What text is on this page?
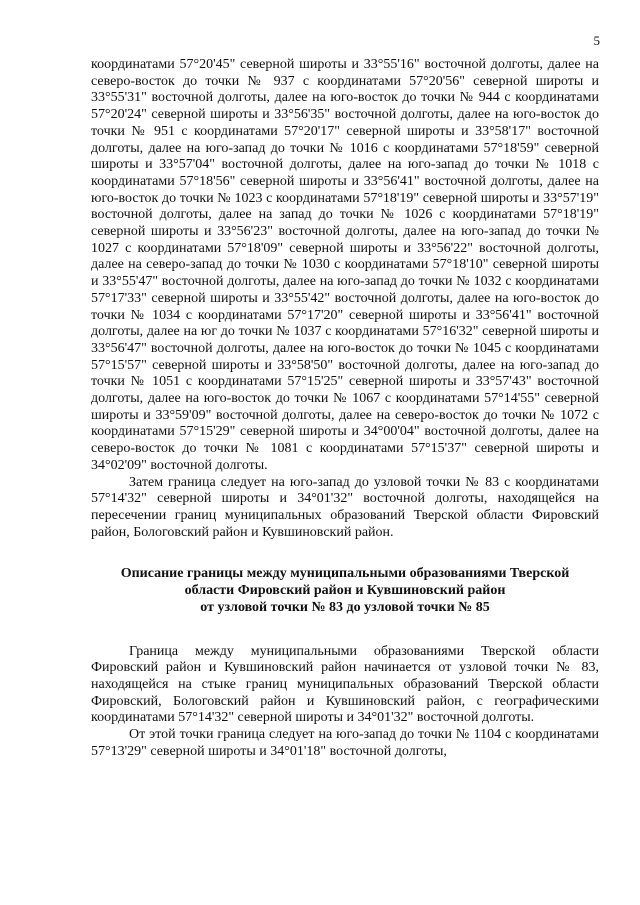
5

координатами 57°20'45" северной широты и 33°55'16" восточной долготы, далее на северо-восток до точки № 937 с координатами 57°20'56" северной широты и 33°55'31" восточной долготы, далее на юго-восток до точки № 944 с координатами 57°20'24" северной широты и 33°56'35" восточной долготы, далее на юго-восток до точки № 951 с координатами 57°20'17" северной широты и 33°58'17" восточной долготы, далее на юго-запад до точки № 1016 с координатами 57°18'59" северной широты и 33°57'04" восточной долготы, далее на юго-запад до точки № 1018 с координатами 57°18'56" северной широты и 33°56'41" восточной долготы, далее на юго-восток до точки № 1023 с координатами 57°18'19" северной широты и 33°57'19" восточной долготы, далее на запад до точки № 1026 с координатами 57°18'19" северной широты и 33°56'23" восточной долготы, далее на юго-запад до точки № 1027 с координатами 57°18'09" северной широты и 33°56'22" восточной долготы, далее на северо-запад до точки № 1030 с координатами 57°18'10" северной широты и 33°55'47" восточной долготы, далее на юго-запад до точки № 1032 с координатами 57°17'33" северной широты и 33°55'42" восточной долготы, далее на юго-восток до точки № 1034 с координатами 57°17'20" северной широты и 33°56'41" восточной долготы, далее на юг до точки № 1037 с координатами 57°16'32" северной широты и 33°56'47" восточной долготы, далее на юго-восток до точки № 1045 с координатами 57°15'57" северной широты и 33°58'50" восточной долготы, далее на юго-запад до точки № 1051 с координатами 57°15'25" северной широты и 33°57'43" восточной долготы, далее на юго-восток до точки № 1067 с координатами 57°14'55" северной широты и 33°59'09" восточной долготы, далее на северо-восток до точки № 1072 с координатами 57°15'29" северной широты и 34°00'04" восточной долготы, далее на северо-восток до точки № 1081 с координатами 57°15'37" северной широты и 34°02'09" восточной долготы.

Затем граница следует на юго-запад до узловой точки № 83 с координатами 57°14'32" северной широты и 34°01'32" восточной долготы, находящейся на пересечении границ муниципальных образований Тверской области Фировский район, Бологовский район и Кувшиновский район.

Описание границы между муниципальными образованиями Тверской
области Фировский район и Кувшиновский район
от узловой точки № 83 до узловой точки № 85

Граница между муниципальными образованиями Тверской области Фировский район и Кувшиновский район начинается от узловой точки № 83, находящейся на стыке границ муниципальных образований Тверской области Фировский, Бологовский район и Кувшиновский район, с географическими координатами 57°14'32" северной широты и 34°01'32" восточной долготы.

От этой точки граница следует на юго-запад до точки № 1104 с координатами 57°13'29" северной широты и 34°01'18" восточной долготы,
